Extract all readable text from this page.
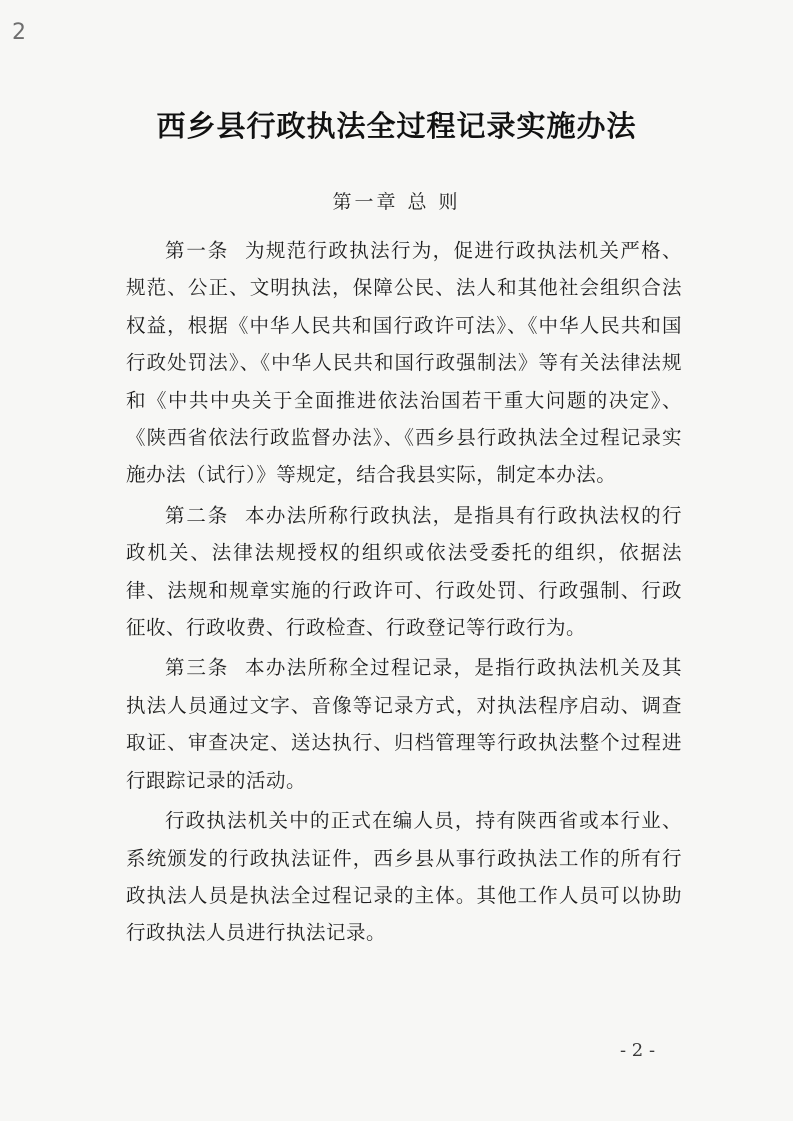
2
西乡县行政执法全过程记录实施办法
第一章 总 则

第一条 为规范行政执法行为，促进行政执法机关严格、规范、公正、文明执法，保障公民、法人和其他社会组织合法权益，根据《中华人民共和国行政许可法》、《中华人民共和国行政处罚法》、《中华人民共和国行政强制法》等有关法律法规和《中共中央关于全面推进依法治国若干重大问题的决定》、《陕西省依法行政监督办法》、《西乡县行政执法全过程记录实施办法（试行）》等规定，结合我县实际，制定本办法。

第二条 本办法所称行政执法，是指具有行政执法权的行政机关、法律法规授权的组织或依法受委托的组织，依据法律、法规和规章实施的行政许可、行政处罚、行政强制、行政征收、行政收费、行政检查、行政登记等行政行为。

第三条 本办法所称全过程记录，是指行政执法机关及其执法人员通过文字、音像等记录方式，对执法程序启动、调查取证、审查决定、送达执行、归档管理等行政执法整个过程进行跟踪记录的活动。

行政执法机关中的正式在编人员，持有陕西省或本行业、系统颁发的行政执法证件，西乡县从事行政执法工作的所有行政执法人员是执法全过程记录的主体。其他工作人员可以协助行政执法人员进行执法记录。

- 2 -
